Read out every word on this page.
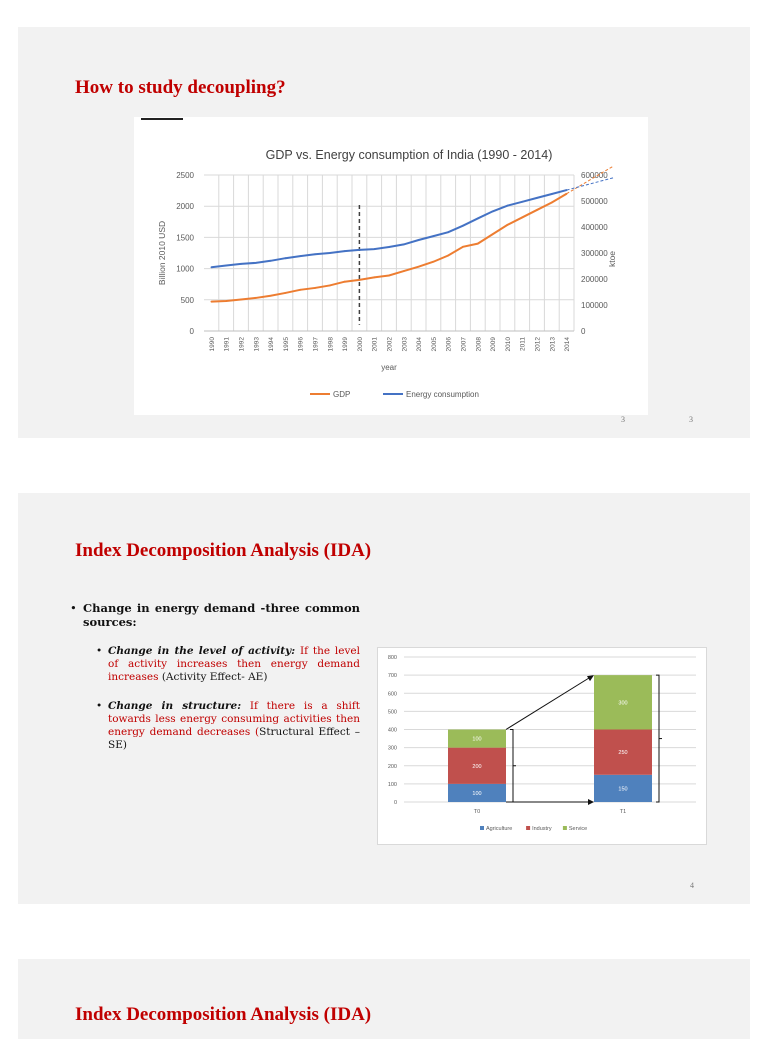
How to study decoupling?
GDP vs. Energy consumption of India (1990 - 2014)
0
500
1000
1500
2000
2500
0
100000
200000
300000
400000
500000
600000
1990 1991 1992 1993 1994 1995 1996 1997 1998 1999 2000 2001 2002 2003 2004 2005 2006 2007 2008 2009 2010 2011 2012 2013 2014
Billion 2010 USD	ktoe
year
GDP	Energy consumption
3	3
Index Decomposition Analysis (IDA)
• Change in energy demand -three common sources:
• Change in the level of activity: If the level of activity increases then energy demand increases (Activity Effect- AE)
• Change in structure: If there is a shift towards less energy consuming activities then energy demand decreases (Structural Effect – SE)
0
100
200
300
400
500
600
700
800
100
200
100
T0
150
250
300
T1
Agriculture	Industry	Service
4
Index Decomposition Analysis (IDA)
